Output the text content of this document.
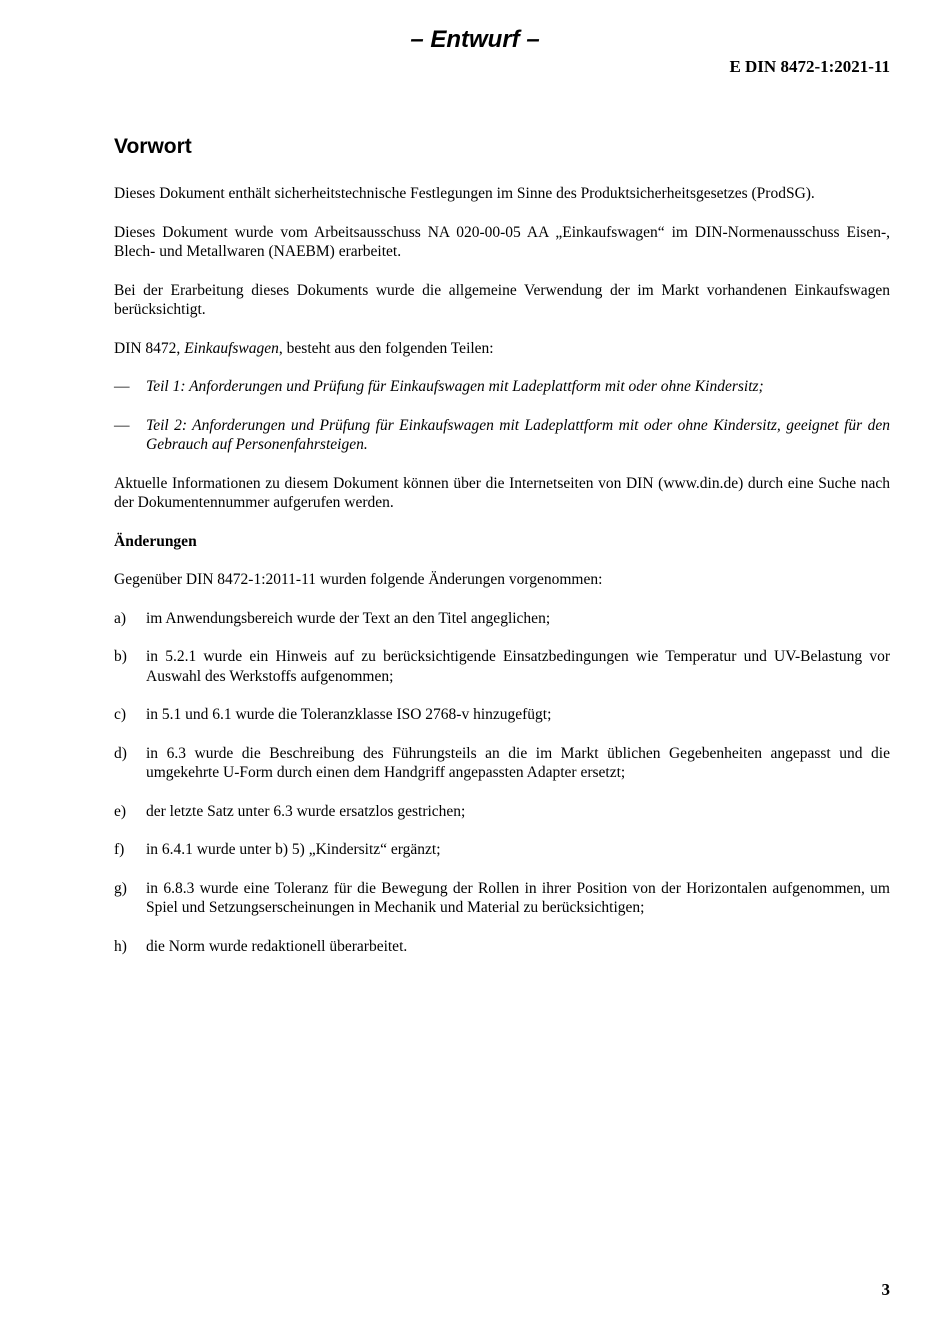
– Entwurf –
E DIN 8472-1:2021-11
Vorwort

Dieses Dokument enthält sicherheitstechnische Festlegungen im Sinne des Produktsicherheitsgesetzes (ProdSG).

Dieses Dokument wurde vom Arbeitsausschuss NA 020-00-05 AA „Einkaufswagen“ im DIN-Normenausschuss Eisen-, Blech- und Metallwaren (NAEBM) erarbeitet.

Bei der Erarbeitung dieses Dokuments wurde die allgemeine Verwendung der im Markt vorhandenen Einkaufswagen berücksichtigt.

DIN 8472, Einkaufswagen, besteht aus den folgenden Teilen:

—	Teil 1: Anforderungen und Prüfung für Einkaufswagen mit Ladeplattform mit oder ohne Kindersitz;
—	Teil 2: Anforderungen und Prüfung für Einkaufswagen mit Ladeplattform mit oder ohne Kindersitz, geeignet für den Gebrauch auf Personenfahrsteigen.

Aktuelle Informationen zu diesem Dokument können über die Internetseiten von DIN (www.din.de) durch eine Suche nach der Dokumentennummer aufgerufen werden.

Änderungen

Gegenüber DIN 8472-1:2011-11 wurden folgende Änderungen vorgenommen:

a)	im Anwendungsbereich wurde der Text an den Titel angeglichen;
b)	in 5.2.1 wurde ein Hinweis auf zu berücksichtigende Einsatzbedingungen wie Temperatur und UV-Belastung vor Auswahl des Werkstoffs aufgenommen;
c)	in 5.1 und 6.1 wurde die Toleranzklasse ISO 2768-v hinzugefügt;
d)	in 6.3 wurde die Beschreibung des Führungsteils an die im Markt üblichen Gegebenheiten angepasst und die umgekehrte U-Form durch einen dem Handgriff angepassten Adapter ersetzt;
e)	der letzte Satz unter 6.3 wurde ersatzlos gestrichen;
f)	in 6.4.1 wurde unter b) 5) „Kindersitz“ ergänzt;
g)	in 6.8.3 wurde eine Toleranz für die Bewegung der Rollen in ihrer Position von der Horizontalen aufgenommen, um Spiel und Setzungserscheinungen in Mechanik und Material zu berücksichtigen;
h)	die Norm wurde redaktionell überarbeitet.
3
